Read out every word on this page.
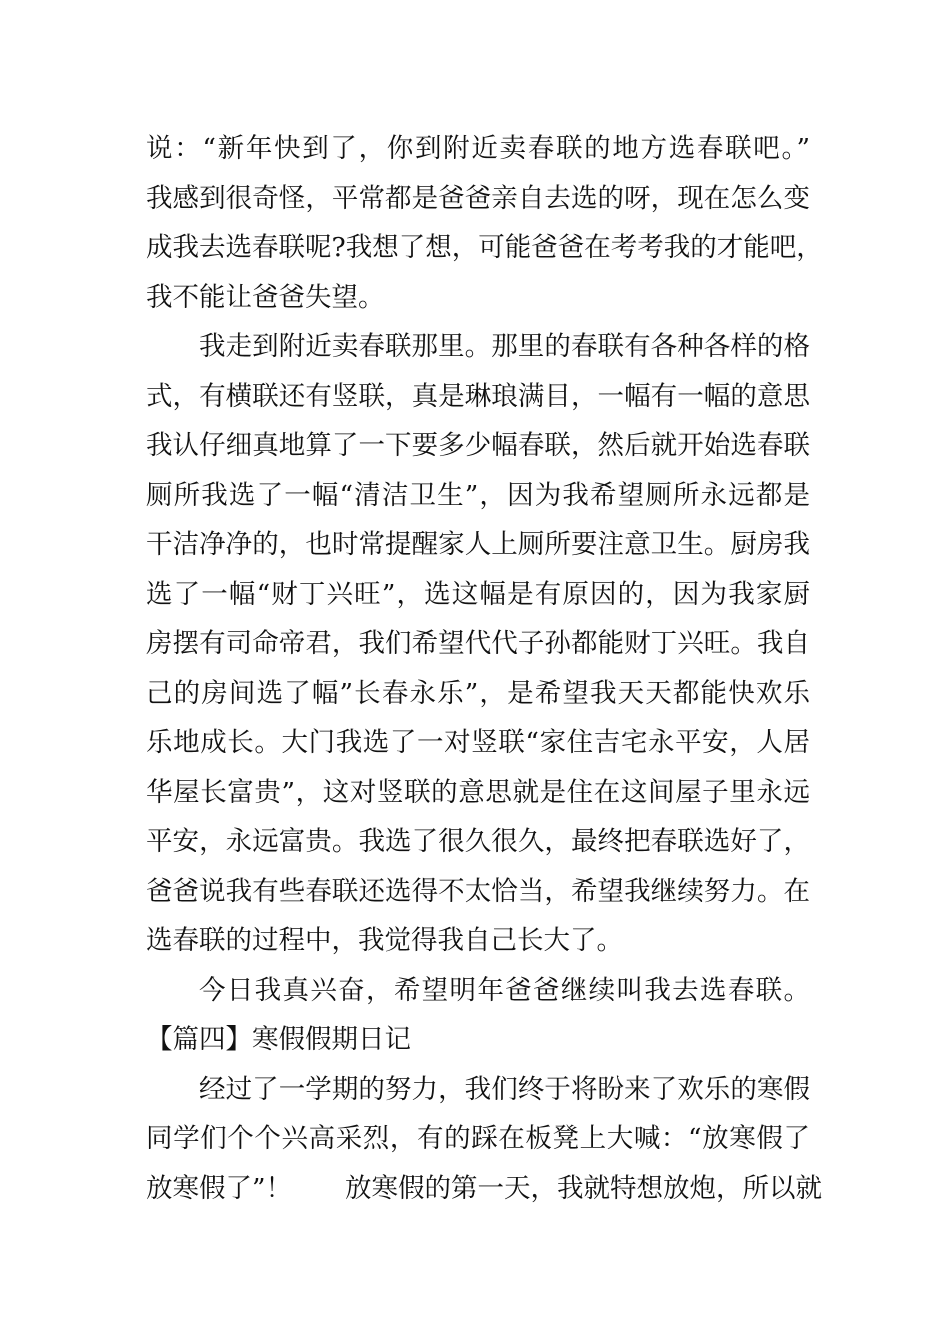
说：“新年快到了，你到附近卖春联的地方选春联吧。”
我感到很奇怪，平常都是爸爸亲自去选的呀，现在怎么变
成我去选春联呢?我想了想，可能爸爸在考考我的才能吧，
我不能让爸爸失望。
我走到附近卖春联那里。那里的春联有各种各样的格
式，有横联还有竖联，真是琳琅满目，一幅有一幅的意思
我认仔细真地算了一下要多少幅春联，然后就开始选春联
厕所我选了一幅“清洁卫生”，因为我希望厕所永远都是
干洁净净的，也时常提醒家人上厕所要注意卫生。厨房我
选了一幅“财丁兴旺”，选这幅是有原因的，因为我家厨
房摆有司命帝君，我们希望代代子孙都能财丁兴旺。我自
己的房间选了幅”长春永乐”，是希望我天天都能快欢乐
乐地成长。大门我选了一对竖联“家住吉宅永平安，人居
华屋长富贵”，这对竖联的意思就是住在这间屋子里永远
平安，永远富贵。我选了很久很久，最终把春联选好了，
爸爸说我有些春联还选得不太恰当，希望我继续努力。在
选春联的过程中，我觉得我自己长大了。
今日我真兴奋，希望明年爸爸继续叫我去选春联。
【篇四】寒假假期日记
经过了一学期的努力，我们终于将盼来了欢乐的寒假
同学们个个兴高采烈，有的踩在板凳上大喊：“放寒假了
放寒假了”！　　放寒假的第一天，我就特想放炮，所以就
